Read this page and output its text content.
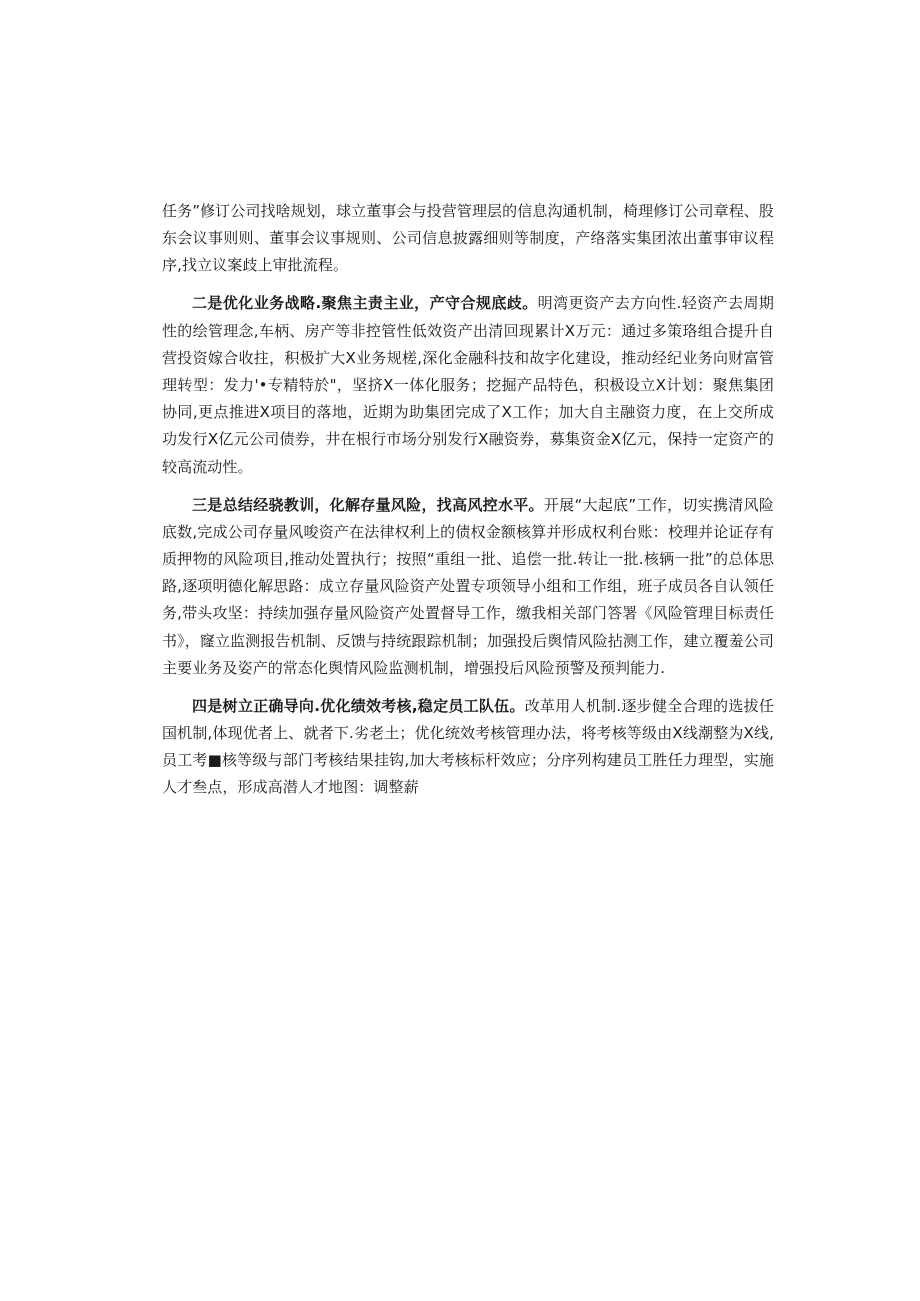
任务”修订公司找啥规划，球立董事会与投营管理层的信息沟通机制，椅理修订公司章程、股东会议事则则、董事会议事规则、公司信息披露细则等制度，产络落实集团浓出董事审议程序,找立议案歧上审批流程。

二是优化业务战略.聚焦主责主业，产守合规底歧。明湾更资产去方向性.轻资产去周期性的绘管理念,车柄、房产等非控管性低效资产出清回现累计X万元：通过多策珞组合提升自营投资嫁合收拄，积极扩大X业务规槎,深化金融科技和故字化建设，推动经纪业务向财富管理转型：发力'•专精特於"，坚挤X一体化服务；挖掘产品特色，积极设立X计划：聚焦集团协同,更点推进X项目的落地，近期为助集团完成了X工作；加大自主融资力度，在上交所成功发行X亿元公司债券，井在根行市场分别发行X融资券，募集资金X亿元，保持一定资产的较高流动性。

三是总结经骁教训，化解存量风险，找高风控水平。开展“大起底”工作，切实携清风险底数,完成公司存量风唆资产在法律权利上的债权金额核算并形成权利台账：校理并论证存有质押物的风险项目,推动处置执行；按照“重组一批、追偿一批.转让一批.核辆一批”的总体思路,逐项明德化解思路：成立存量风险资产处置专项领导小组和工作组，班子成员各自认领任务,带头攻坚：持续加强存量风险资产处置督导工作，缴我相关部门答署《风险管理目标责任书》，窿立监测报告机制、反馈与持统跟踪机制；加强投后舆情风险拈测工作，建立覆羞公司主要业务及姿产的常态化舆情风险监测机制，增强投后风险预警及预判能力.

四是树立正确导向.优化绩效考核,稳定员工队伍。改革用人机制.逐步健全合理的选拔任国机制,体现优者上、就者下.劣老土；优化统效考核管理办法，将考核等级由X线潮整为X线,员工考■核等级与部门考核结果挂钩,加大考核标杆效应；分序列构建员工胜任力理型，实施人才叁点，形成高潜人才地图：调整薪
